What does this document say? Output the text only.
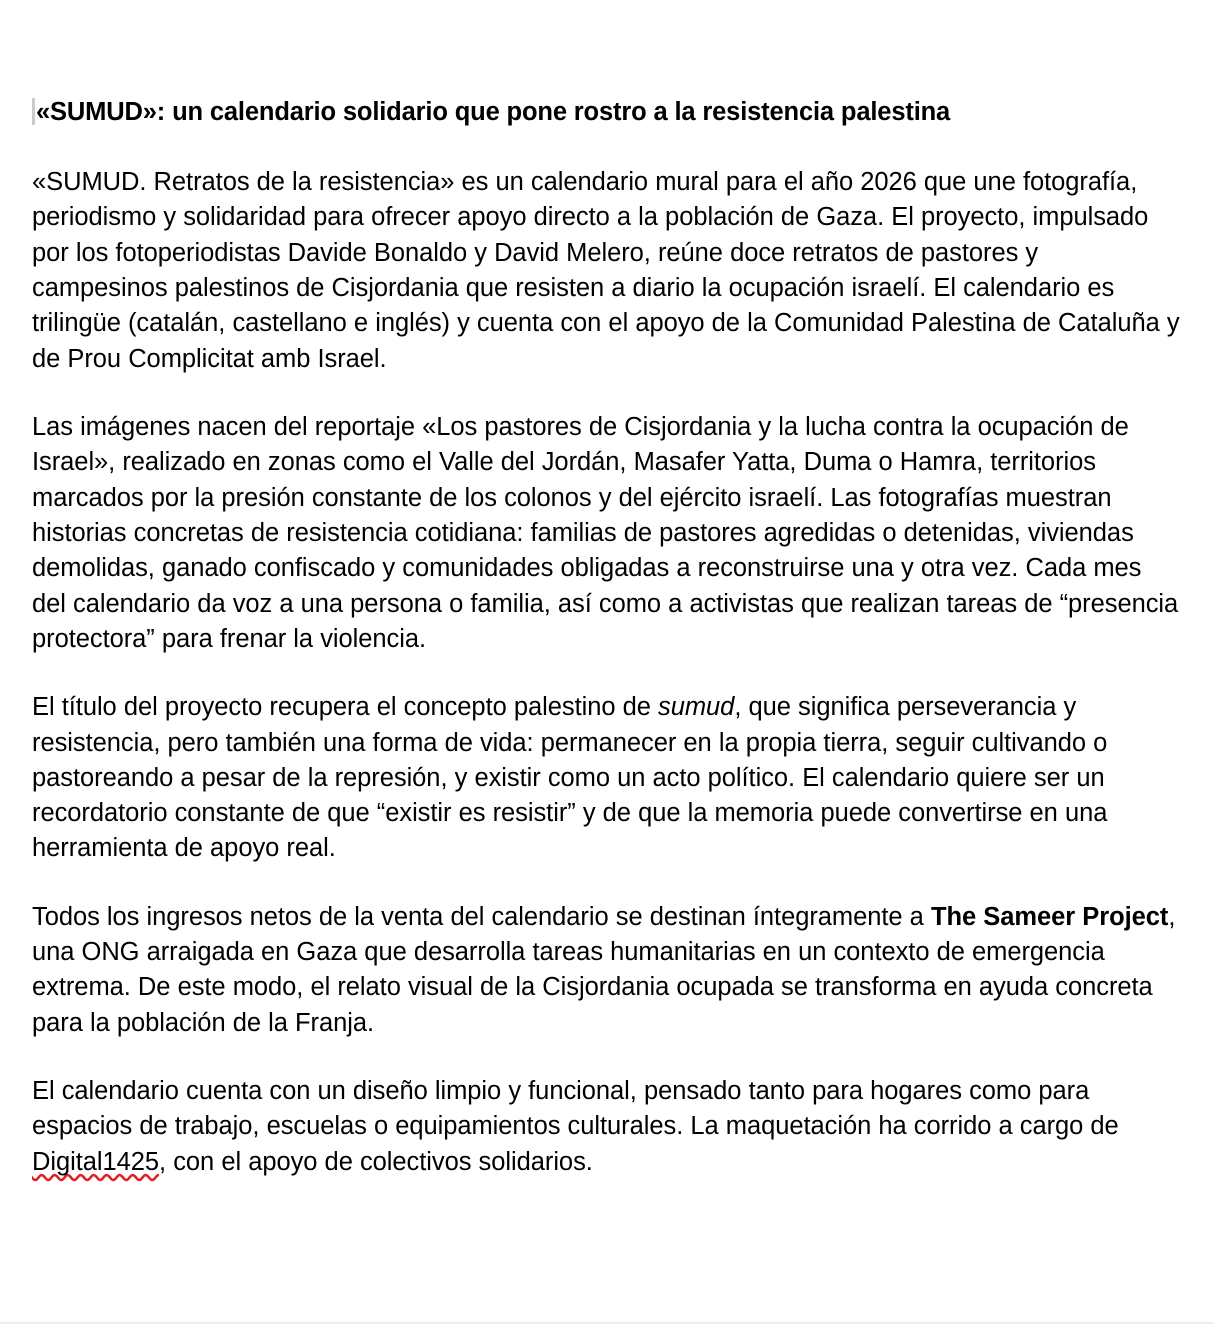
«SUMUD»: un calendario solidario que pone rostro a la resistencia palestina

«SUMUD. Retratos de la resistencia» es un calendario mural para el año 2026 que une fotografía, periodismo y solidaridad para ofrecer apoyo directo a la población de Gaza. El proyecto, impulsado por los fotoperiodistas Davide Bonaldo y David Melero, reúne doce retratos de pastores y campesinos palestinos de Cisjordania que resisten a diario la ocupación israelí. El calendario es trilingüe (catalán, castellano e inglés) y cuenta con el apoyo de la Comunidad Palestina de Cataluña y de Prou Complicitat amb Israel.

Las imágenes nacen del reportaje «Los pastores de Cisjordania y la lucha contra la ocupación de Israel», realizado en zonas como el Valle del Jordán, Masafer Yatta, Duma o Hamra, territorios marcados por la presión constante de los colonos y del ejército israelí. Las fotografías muestran historias concretas de resistencia cotidiana: familias de pastores agredidas o detenidas, viviendas demolidas, ganado confiscado y comunidades obligadas a reconstruirse una y otra vez. Cada mes del calendario da voz a una persona o familia, así como a activistas que realizan tareas de “presencia protectora” para frenar la violencia.

El título del proyecto recupera el concepto palestino de sumud, que significa perseverancia y resistencia, pero también una forma de vida: permanecer en la propia tierra, seguir cultivando o pastoreando a pesar de la represión, y existir como un acto político. El calendario quiere ser un recordatorio constante de que “existir es resistir” y de que la memoria puede convertirse en una herramienta de apoyo real.

Todos los ingresos netos de la venta del calendario se destinan íntegramente a The Sameer Project, una ONG arraigada en Gaza que desarrolla tareas humanitarias en un contexto de emergencia extrema. De este modo, el relato visual de la Cisjordania ocupada se transforma en ayuda concreta para la población de la Franja.

El calendario cuenta con un diseño limpio y funcional, pensado tanto para hogares como para espacios de trabajo, escuelas o equipamientos culturales. La maquetación ha corrido a cargo de Digital1425, con el apoyo de colectivos solidarios.
